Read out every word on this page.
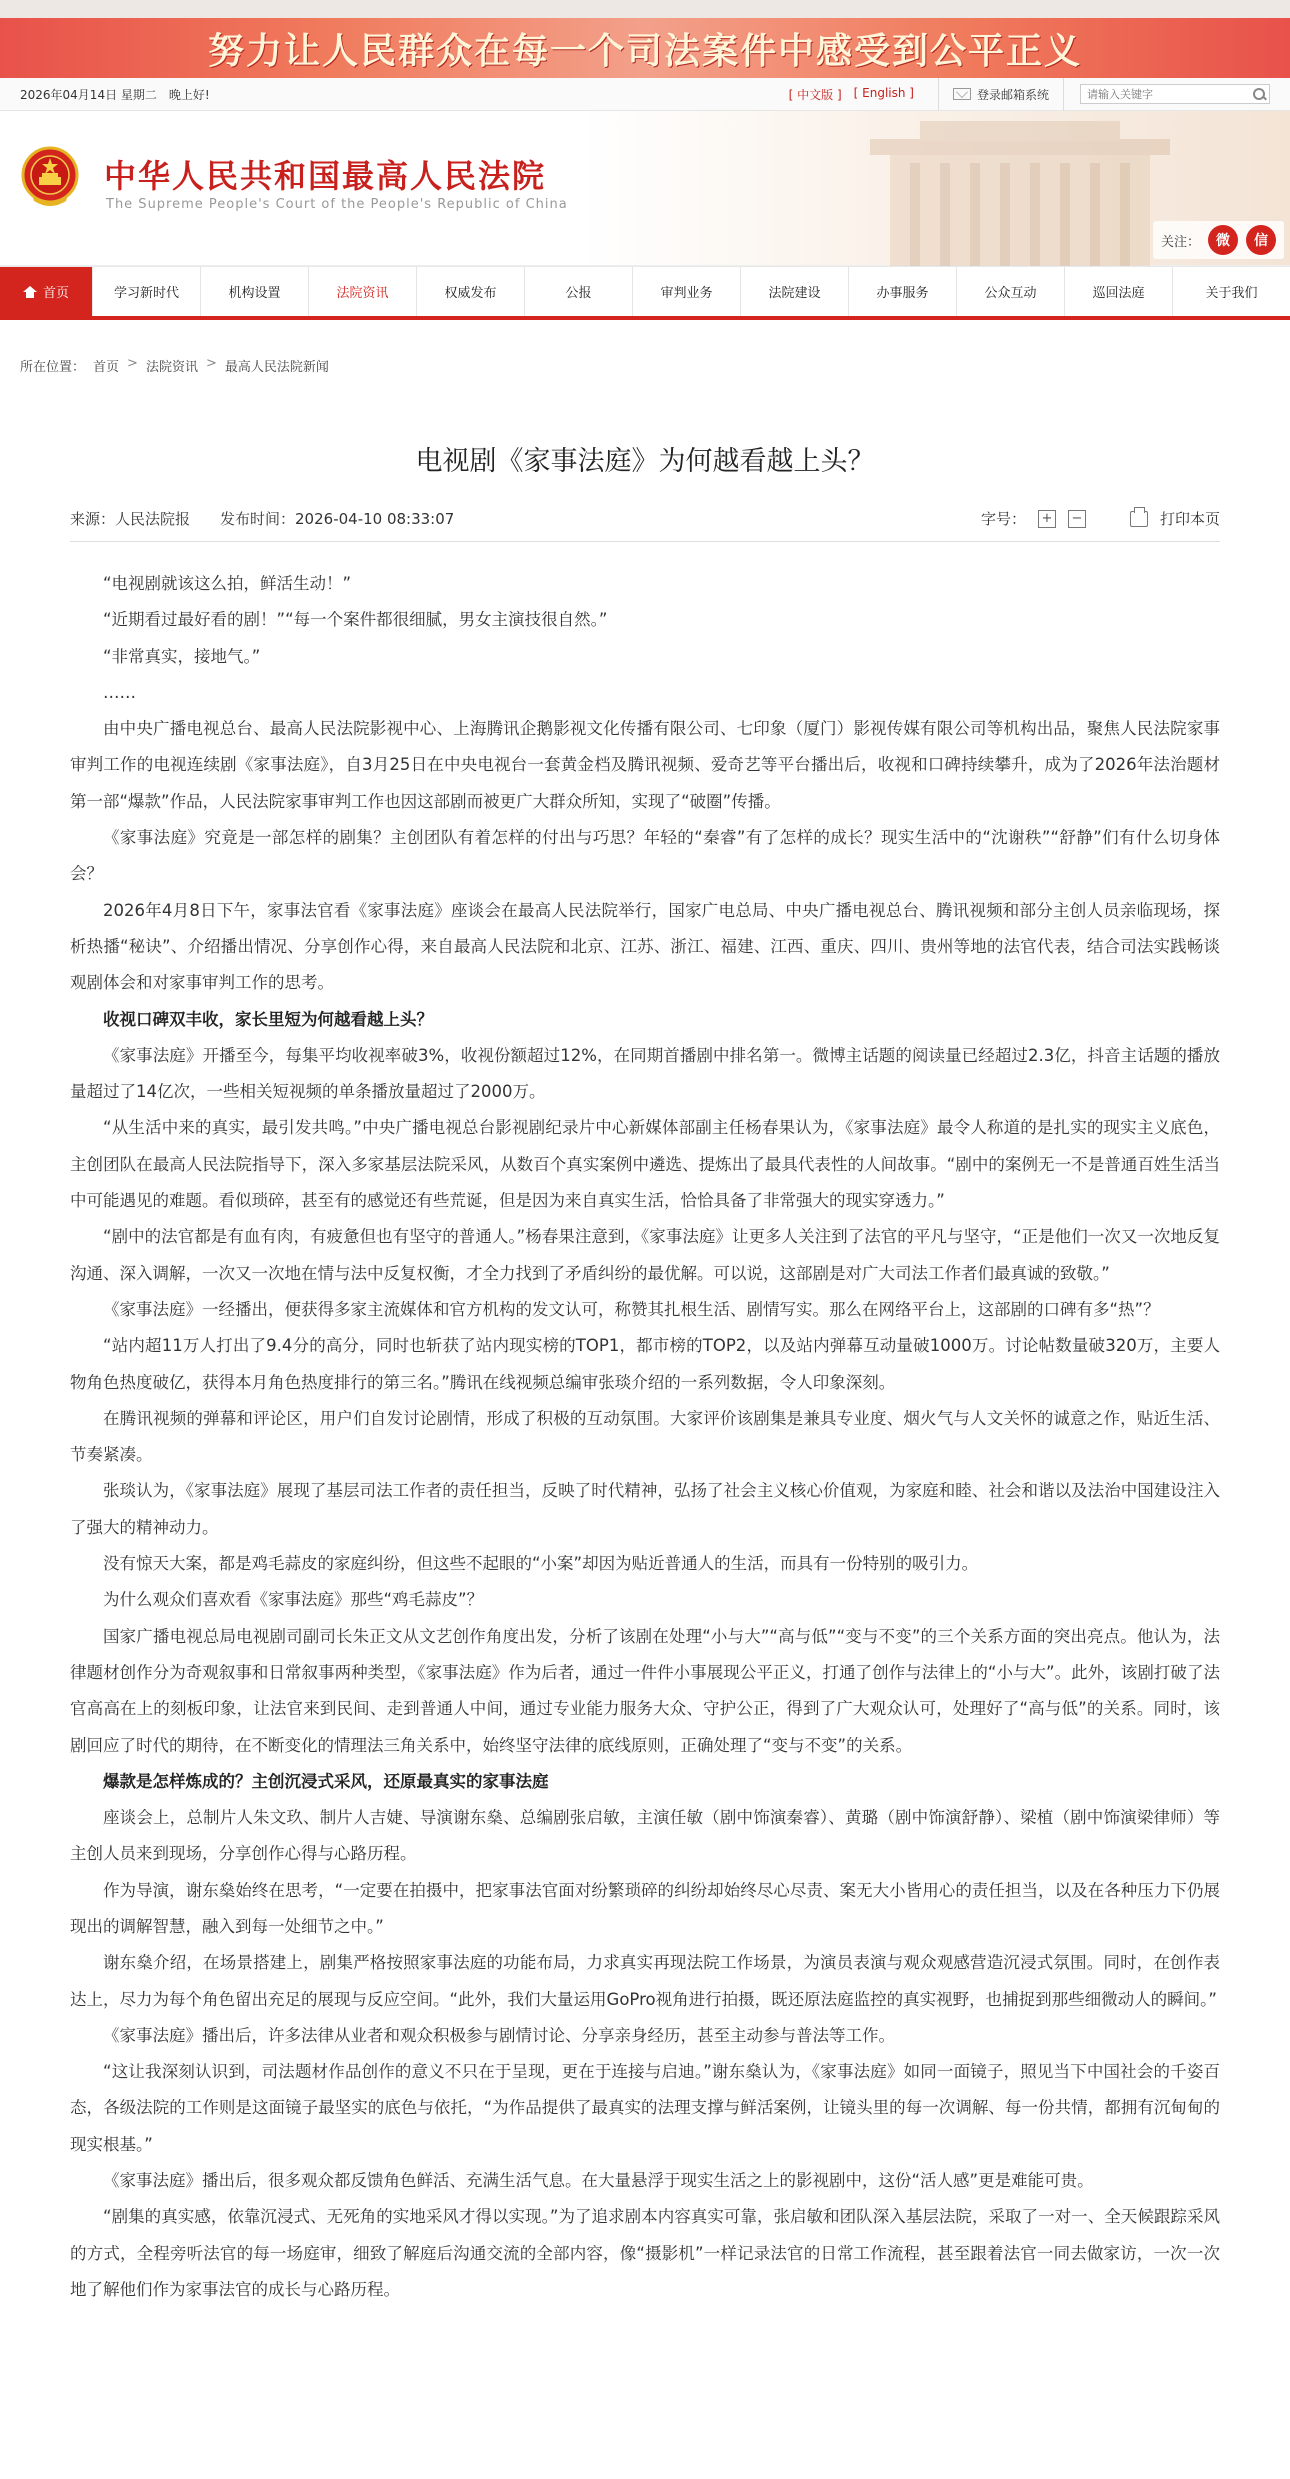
努力让人民群众在每一个司法案件中感受到公平正义
2026年04月14日 星期二　晚上好!	[ 中文版 ] [ English ]	登录邮箱系统
请输入关键字
中华人民共和国最高人民法院
The Supreme People's Court of the People's Republic of China
关注：	微	信
首页	学习新时代	机构设置	法院资讯	权威发布	公报	审判业务	法院建设	办事服务	公众互动	巡回法庭	关于我们
所在位置： 首页 > 法院资讯 > 最高人民法院新闻
电视剧《家事法庭》为何越看越上头？
来源：人民法院报 发布时间：2026-04-10 08:33:07	字号： + −	打印本页

“电视剧就该这么拍，鲜活生动！”

“近期看过最好看的剧！”“每一个案件都很细腻，男女主演技很自然。”

“非常真实，接地气。”

……

由中央广播电视总台、最高人民法院影视中心、上海腾讯企鹅影视文化传播有限公司、七印象（厦门）影视传媒有限公司等机构出品，聚焦人民法院家事审判工作的电视连续剧《家事法庭》，自3月25日在中央电视台一套黄金档及腾讯视频、爱奇艺等平台播出后，收视和口碑持续攀升，成为了2026年法治题材第一部“爆款”作品，人民法院家事审判工作也因这部剧而被更广大群众所知，实现了“破圈”传播。

《家事法庭》究竟是一部怎样的剧集？主创团队有着怎样的付出与巧思？年轻的“秦睿”有了怎样的成长？现实生活中的“沈谢秩”“舒静”们有什么切身体会？

2026年4月8日下午，家事法官看《家事法庭》座谈会在最高人民法院举行，国家广电总局、中央广播电视总台、腾讯视频和部分主创人员亲临现场，探析热播“秘诀”、介绍播出情况、分享创作心得，来自最高人民法院和北京、江苏、浙江、福建、江西、重庆、四川、贵州等地的法官代表，结合司法实践畅谈观剧体会和对家事审判工作的思考。

收视口碑双丰收，家长里短为何越看越上头？

《家事法庭》开播至今，每集平均收视率破3%，收视份额超过12%，在同期首播剧中排名第一。微博主话题的阅读量已经超过2.3亿，抖音主话题的播放量超过了14亿次，一些相关短视频的单条播放量超过了2000万。

“从生活中来的真实，最引发共鸣。”中央广播电视总台影视剧纪录片中心新媒体部副主任杨春果认为，《家事法庭》最令人称道的是扎实的现实主义底色，主创团队在最高人民法院指导下，深入多家基层法院采风，从数百个真实案例中遴选、提炼出了最具代表性的人间故事。“剧中的案例无一不是普通百姓生活当中可能遇见的难题。看似琐碎，甚至有的感觉还有些荒诞，但是因为来自真实生活，恰恰具备了非常强大的现实穿透力。”

“剧中的法官都是有血有肉，有疲惫但也有坚守的普通人。”杨春果注意到，《家事法庭》让更多人关注到了法官的平凡与坚守，“正是他们一次又一次地反复沟通、深入调解，一次又一次地在情与法中反复权衡，才全力找到了矛盾纠纷的最优解。可以说，这部剧是对广大司法工作者们最真诚的致敬。”

《家事法庭》一经播出，便获得多家主流媒体和官方机构的发文认可，称赞其扎根生活、剧情写实。那么在网络平台上，这部剧的口碑有多“热”？

“站内超11万人打出了9.4分的高分，同时也斩获了站内现实榜的TOP1，都市榜的TOP2，以及站内弹幕互动量破1000万。讨论帖数量破320万，主要人物角色热度破亿，获得本月角色热度排行的第三名。”腾讯在线视频总编审张琰介绍的一系列数据，令人印象深刻。

在腾讯视频的弹幕和评论区，用户们自发讨论剧情，形成了积极的互动氛围。大家评价该剧集是兼具专业度、烟火气与人文关怀的诚意之作，贴近生活、节奏紧凑。

张琰认为，《家事法庭》展现了基层司法工作者的责任担当，反映了时代精神，弘扬了社会主义核心价值观，为家庭和睦、社会和谐以及法治中国建设注入了强大的精神动力。

没有惊天大案，都是鸡毛蒜皮的家庭纠纷，但这些不起眼的“小案”却因为贴近普通人的生活，而具有一份特别的吸引力。

为什么观众们喜欢看《家事法庭》那些“鸡毛蒜皮”？

国家广播电视总局电视剧司副司长朱正文从文艺创作角度出发，分析了该剧在处理“小与大”“高与低”“变与不变”的三个关系方面的突出亮点。他认为，法律题材创作分为奇观叙事和日常叙事两种类型，《家事法庭》作为后者，通过一件件小事展现公平正义，打通了创作与法律上的“小与大”。此外，该剧打破了法官高高在上的刻板印象，让法官来到民间、走到普通人中间，通过专业能力服务大众、守护公正，得到了广大观众认可，处理好了“高与低”的关系。同时，该剧回应了时代的期待，在不断变化的情理法三角关系中，始终坚守法律的底线原则，正确处理了“变与不变”的关系。

爆款是怎样炼成的？主创沉浸式采风，还原最真实的家事法庭

座谈会上，总制片人朱文玖、制片人吉婕、导演谢东燊、总编剧张启敏，主演任敏（剧中饰演秦睿）、黄璐（剧中饰演舒静）、梁植（剧中饰演梁律师）等主创人员来到现场，分享创作心得与心路历程。

作为导演，谢东燊始终在思考，“一定要在拍摄中，把家事法官面对纷繁琐碎的纠纷却始终尽心尽责、案无大小皆用心的责任担当，以及在各种压力下仍展现出的调解智慧，融入到每一处细节之中。”

谢东燊介绍，在场景搭建上，剧集严格按照家事法庭的功能布局，力求真实再现法院工作场景，为演员表演与观众观感营造沉浸式氛围。同时，在创作表达上，尽力为每个角色留出充足的展现与反应空间。“此外，我们大量运用GoPro视角进行拍摄，既还原法庭监控的真实视野，也捕捉到那些细微动人的瞬间。”

《家事法庭》播出后，许多法律从业者和观众积极参与剧情讨论、分享亲身经历，甚至主动参与普法等工作。

“这让我深刻认识到，司法题材作品创作的意义不只在于呈现，更在于连接与启迪。”谢东燊认为，《家事法庭》如同一面镜子，照见当下中国社会的千姿百态，各级法院的工作则是这面镜子最坚实的底色与依托，“为作品提供了最真实的法理支撑与鲜活案例，让镜头里的每一次调解、每一份共情，都拥有沉甸甸的现实根基。”

《家事法庭》播出后，很多观众都反馈角色鲜活、充满生活气息。在大量悬浮于现实生活之上的影视剧中，这份“活人感”更是难能可贵。

“剧集的真实感，依靠沉浸式、无死角的实地采风才得以实现。”为了追求剧本内容真实可靠，张启敏和团队深入基层法院，采取了一对一、全天候跟踪采风的方式，全程旁听法官的每一场庭审，细致了解庭后沟通交流的全部内容，像“摄影机”一样记录法官的日常工作流程，甚至跟着法官一同去做家访，一次一次地了解他们作为家事法官的成长与心路历程。
